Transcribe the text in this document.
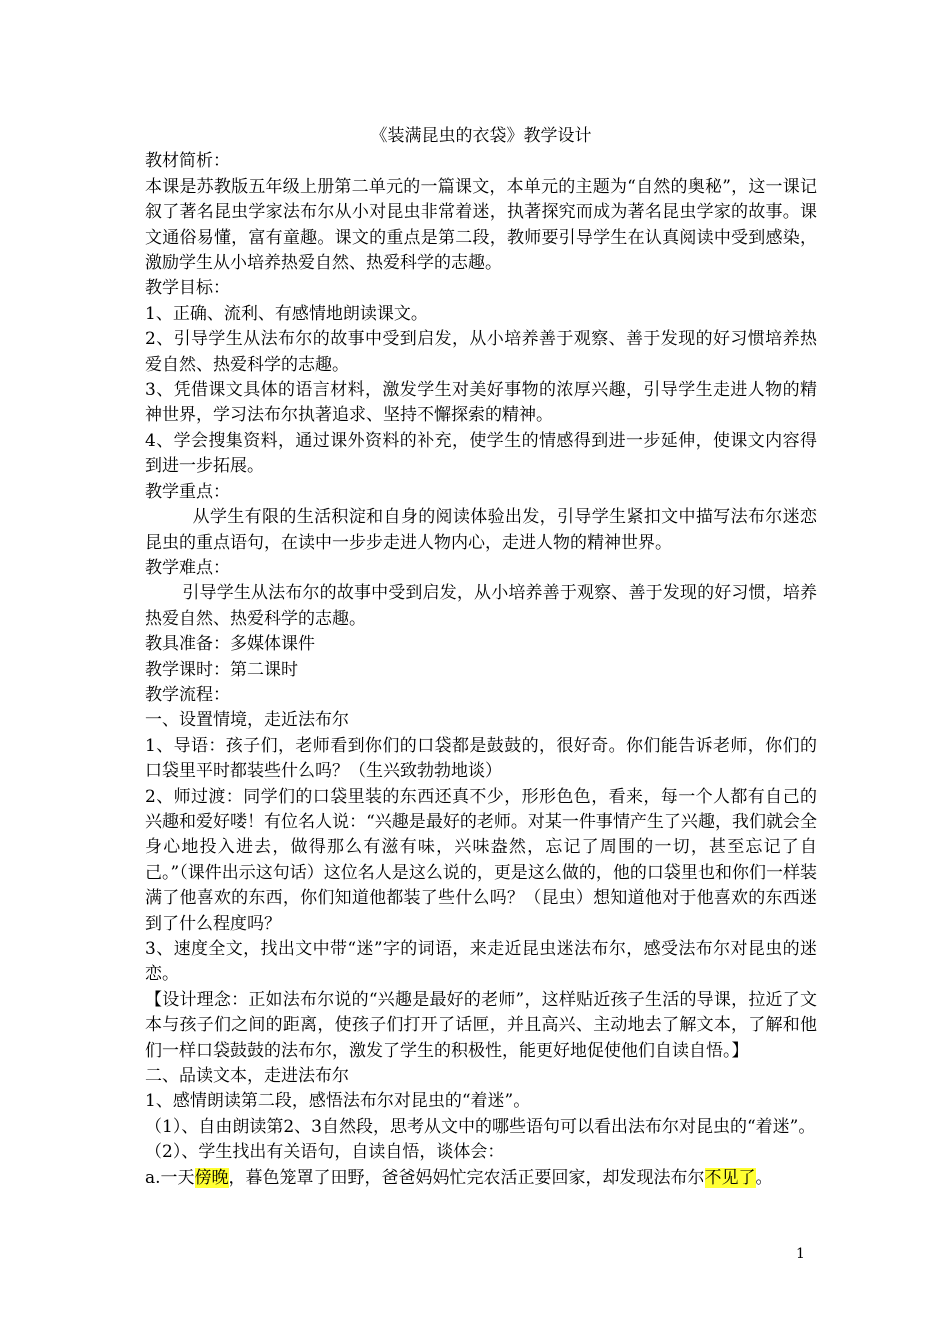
《装满昆虫的衣袋》教学设计

教材简析：

本课是苏教版五年级上册第二单元的一篇课文，本单元的主题为“自然的奥秘”，这一课记叙了著名昆虫学家法布尔从小对昆虫非常着迷，执著探究而成为著名昆虫学家的故事。课文通俗易懂，富有童趣。课文的重点是第二段，教师要引导学生在认真阅读中受到感染，激励学生从小培养热爱自然、热爱科学的志趣。

教学目标：

1、正确、流利、有感情地朗读课文。

2、引导学生从法布尔的故事中受到启发，从小培养善于观察、善于发现的好习惯培养热爱自然、热爱科学的志趣。

3、凭借课文具体的语言材料，激发学生对美好事物的浓厚兴趣，引导学生走进人物的精神世界，学习法布尔执著追求、坚持不懈探索的精神。

4、学会搜集资料，通过课外资料的补充，使学生的情感得到进一步延伸，使课文内容得到进一步拓展。

教学重点：

从学生有限的生活积淀和自身的阅读体验出发，引导学生紧扣文中描写法布尔迷恋昆虫的重点语句，在读中一步步走进人物内心，走进人物的精神世界。

教学难点：

引导学生从法布尔的故事中受到启发，从小培养善于观察、善于发现的好习惯，培养热爱自然、热爱科学的志趣。

教具准备：多媒体课件

教学课时：第二课时

教学流程：

一、设置情境，走近法布尔

1、导语：孩子们，老师看到你们的口袋都是鼓鼓的，很好奇。你们能告诉老师，你们的口袋里平时都装些什么吗？（生兴致勃勃地谈）

2、师过渡：同学们的口袋里装的东西还真不少，形形色色，看来，每一个人都有自己的兴趣和爱好喽！有位名人说：“兴趣是最好的老师。对某一件事情产生了兴趣，我们就会全身心地投入进去，做得那么有滋有味，兴味盎然，忘记了周围的一切，甚至忘记了自己。”（课件出示这句话）这位名人是这么说的，更是这么做的，他的口袋里也和你们一样装满了他喜欢的东西，你们知道他都装了些什么吗？（昆虫）想知道他对于他喜欢的东西迷到了什么程度吗？

3、速度全文，找出文中带“迷”字的词语，来走近昆虫迷法布尔，感受法布尔对昆虫的迷恋。

【设计理念：正如法布尔说的“兴趣是最好的老师”，这样贴近孩子生活的导课，拉近了文本与孩子们之间的距离，使孩子们打开了话匣，并且高兴、主动地去了解文本，了解和他们一样口袋鼓鼓的法布尔，激发了学生的积极性，能更好地促使他们自读自悟。】

二、品读文本，走进法布尔

1、感情朗读第二段，感悟法布尔对昆虫的“着迷”。

（1）、自由朗读第2、3自然段，思考从文中的哪些语句可以看出法布尔对昆虫的“着迷”。

（2）、学生找出有关语句，自读自悟，谈体会：

a.一天傍晚，暮色笼罩了田野，爸爸妈妈忙完农活正要回家，却发现法布尔不见了。

1
